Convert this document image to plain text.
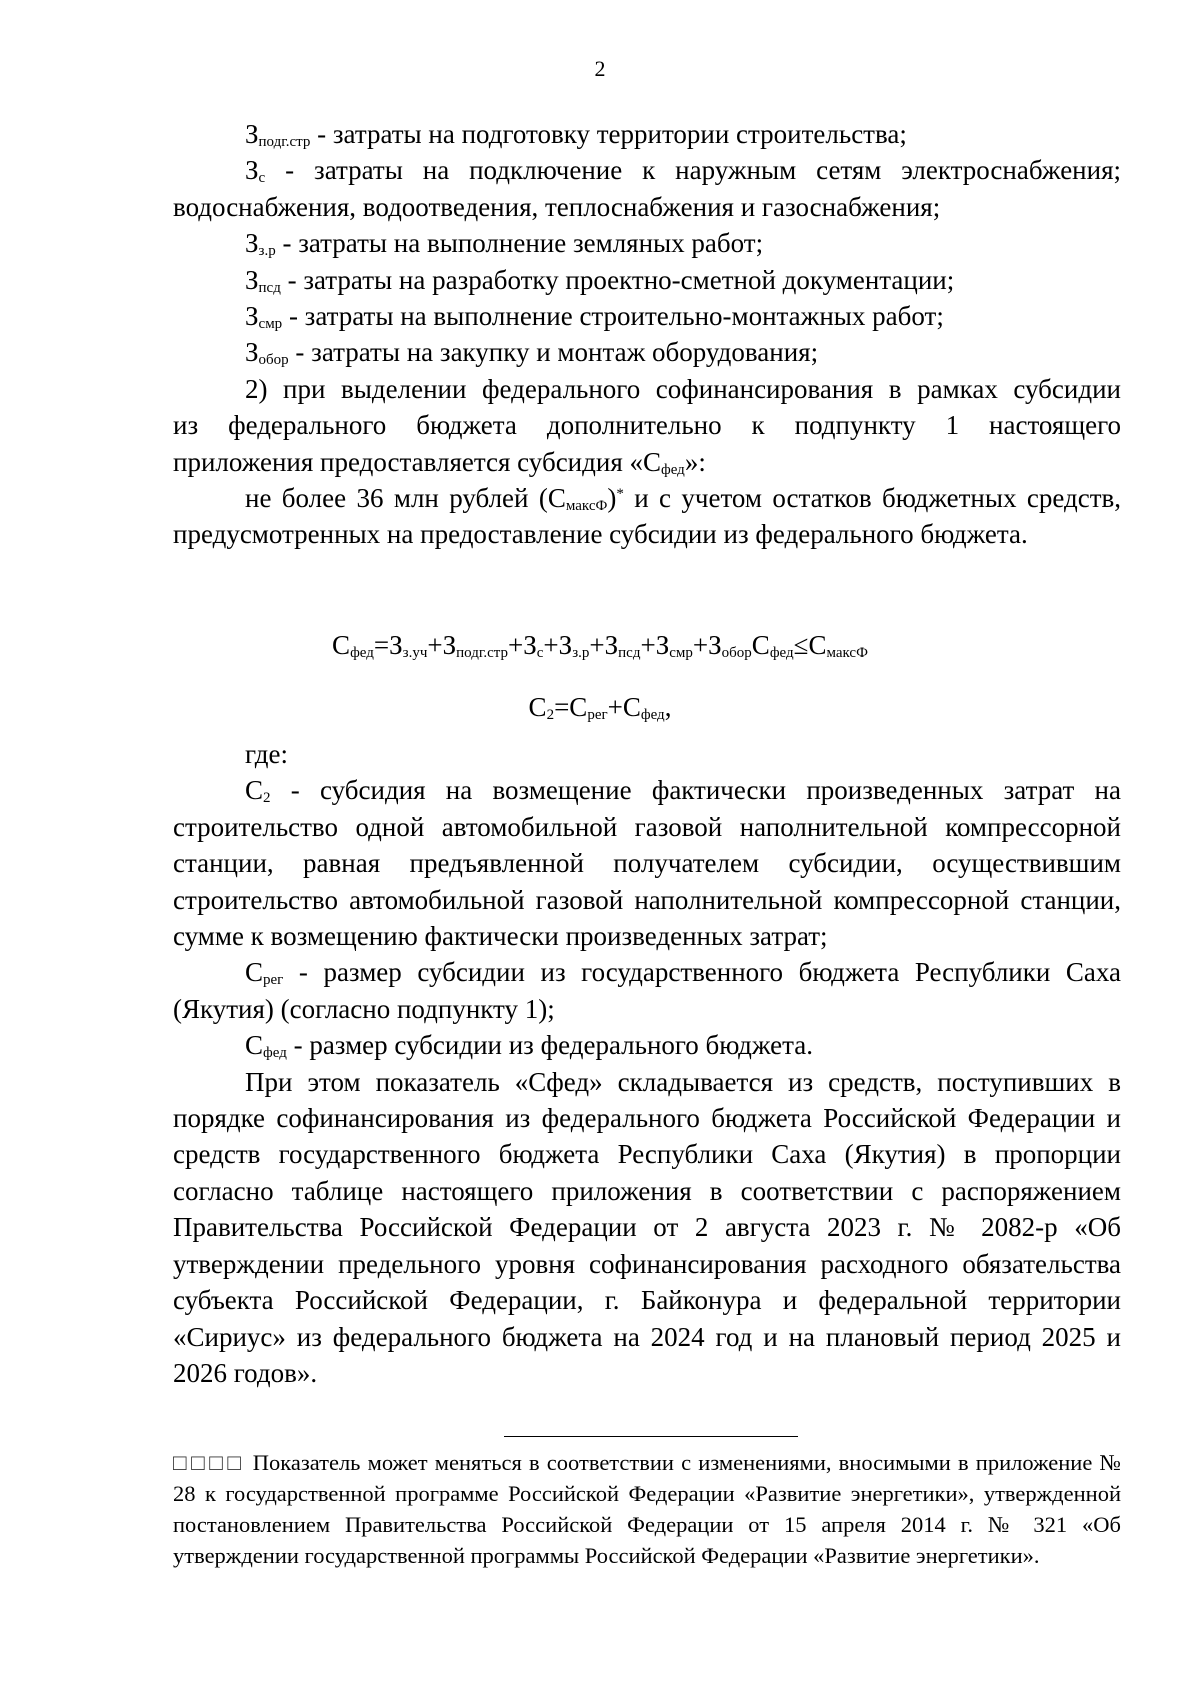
2

$З_{подг.стр}$ - затраты на подготовку территории строительства;

$З_с$ - затраты на подключение к наружным сетям электроснабжения; водоснабжения, водоотведения, теплоснабжения и газоснабжения;

$З_{з.р}$ - затраты на выполнение земляных работ;

$З_{псд}$ - затраты на разработку проектно-сметной документации;

$З_{смр}$ - затраты на выполнение строительно-монтажных работ;

$З_{обор}$ - затраты на закупку и монтаж оборудования;

2) при выделении федерального софинансирования в рамках субсидии
из федерального бюджета дополнительно к подпункту 1 настоящего
приложения предоставляется субсидия «$С_{фед}$»:

не более 36 млн рублей $(С_{максФ})^*$ и с учетом остатков бюджетных средств, предусмотренных на предоставление субсидии из федерального бюджета.

$С_{фед}=З_{з.уч}+З_{подг.стр}+З_с+З_{з.р}+З_{псд}+З_{смр}+З_{обор}С_{фед}\le С_{максФ}$
$С_2=С_{рег}+С_{фед}$,

где:

$С_2$ - субсидия на возмещение фактически произведенных затрат на строительство одной автомобильной газовой наполнительной компрессорной станции, равная предъявленной получателем субсидии, осуществившим строительство автомобильной газовой наполнительной компрессорной станции, сумме к возмещению фактически произведенных затрат;

$С_{рег}$ - размер субсидии из государственного бюджета Республики Саха (Якутия) (согласно подпункту 1);

$С_{фед}$ - размер субсидии из федерального бюджета.

При этом показатель «Сфед» складывается из средств, поступивших в порядке софинансирования из федерального бюджета Российской Федерации и средств государственного бюджета Республики Саха (Якутия) в пропорции согласно таблице настоящего приложения в соответствии с распоряжением Правительства Российской Федерации от 2 августа 2023 г. № 2082-р «Об утверждении предельного уровня софинансирования расходного обязательства субъекта Российской Федерации, г. Байконура и федеральной территории «Сириус» из федерального бюджета на 2024 год и на плановый период 2025 и 2026 годов».

□□□□ Показатель может меняться в соответствии с изменениями, вносимыми в приложение № 28 к государственной программе Российской Федерации «Развитие энергетики», утвержденной постановлением Правительства Российской Федерации от 15 апреля 2014 г. № 321 «Об утверждении государственной программы Российской Федерации «Развитие энергетики».
